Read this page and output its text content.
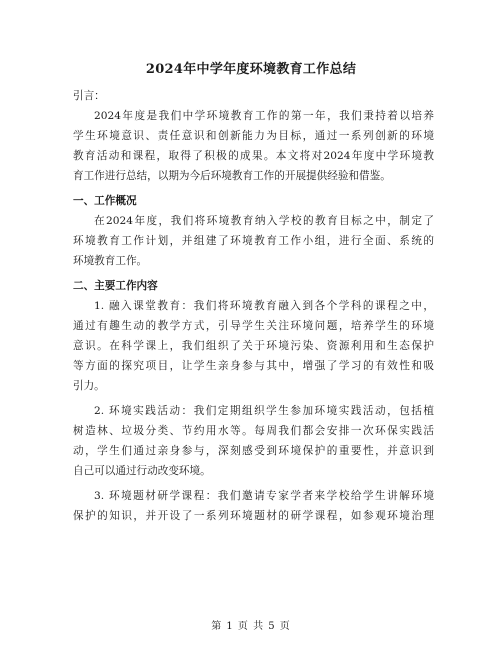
2024年中学年度环境教育工作总结
引言：
2024年度是我们中学环境教育工作的第一年，我们秉持着以培养
学生环境意识、责任意识和创新能力为目标，通过一系列创新的环境
教育活动和课程，取得了积极的成果。本文将对2024年度中学环境教
育工作进行总结，以期为今后环境教育工作的开展提供经验和借鉴。
一、工作概况
在2024年度，我们将环境教育纳入学校的教育目标之中，制定了
环境教育工作计划，并组建了环境教育工作小组，进行全面、系统的
环境教育工作。
二、主要工作内容
1. 融入课堂教育：我们将环境教育融入到各个学科的课程之中，
通过有趣生动的教学方式，引导学生关注环境问题，培养学生的环境
意识。在科学课上，我们组织了关于环境污染、资源利用和生态保护
等方面的探究项目，让学生亲身参与其中，增强了学习的有效性和吸
引力。
2. 环境实践活动：我们定期组织学生参加环境实践活动，包括植
树造林、垃圾分类、节约用水等。每周我们都会安排一次环保实践活
动，学生们通过亲身参与，深刻感受到环境保护的重要性，并意识到
自己可以通过行动改变环境。
3. 环境题材研学课程：我们邀请专家学者来学校给学生讲解环境
保护的知识，并开设了一系列环境题材的研学课程，如参观环境治理
第 1 页 共 5 页
